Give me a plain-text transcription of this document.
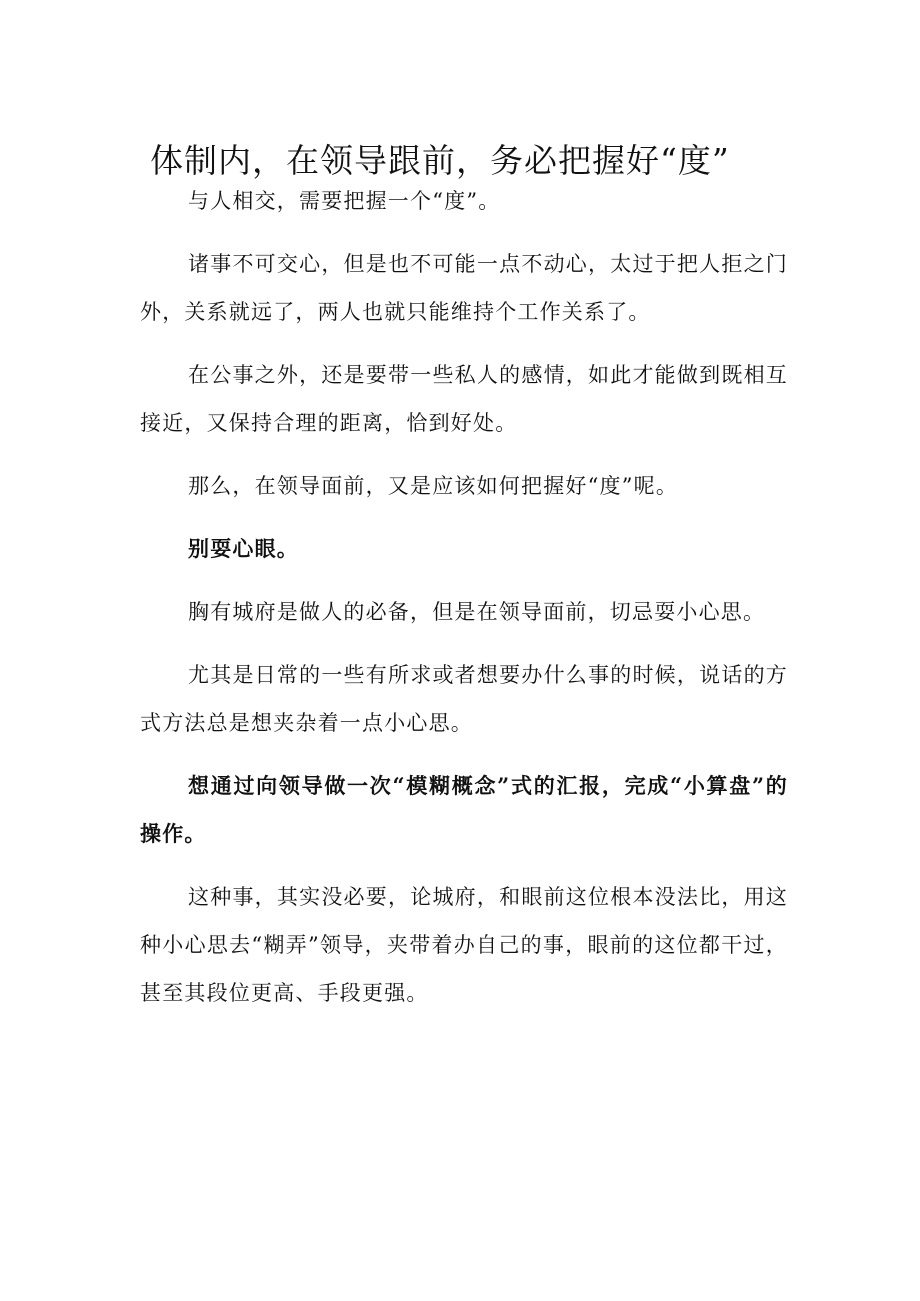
体制内，在领导跟前，务必把握好“度”

与人相交，需要把握一个“度”。

诸事不可交心，但是也不可能一点不动心，太过于把人拒之门外，关系就远了，两人也就只能维持个工作关系了。

在公事之外，还是要带一些私人的感情，如此才能做到既相互接近，又保持合理的距离，恰到好处。

那么，在领导面前，又是应该如何把握好“度”呢。

别耍心眼。

胸有城府是做人的必备，但是在领导面前，切忌耍小心思。

尤其是日常的一些有所求或者想要办什么事的时候，说话的方式方法总是想夹杂着一点小心思。

想通过向领导做一次“模糊概念”式的汇报，完成“小算盘”的操作。

这种事，其实没必要，论城府，和眼前这位根本没法比，用这种小心思去“糊弄”领导，夹带着办自己的事，眼前的这位都干过，甚至其段位更高、手段更强。
